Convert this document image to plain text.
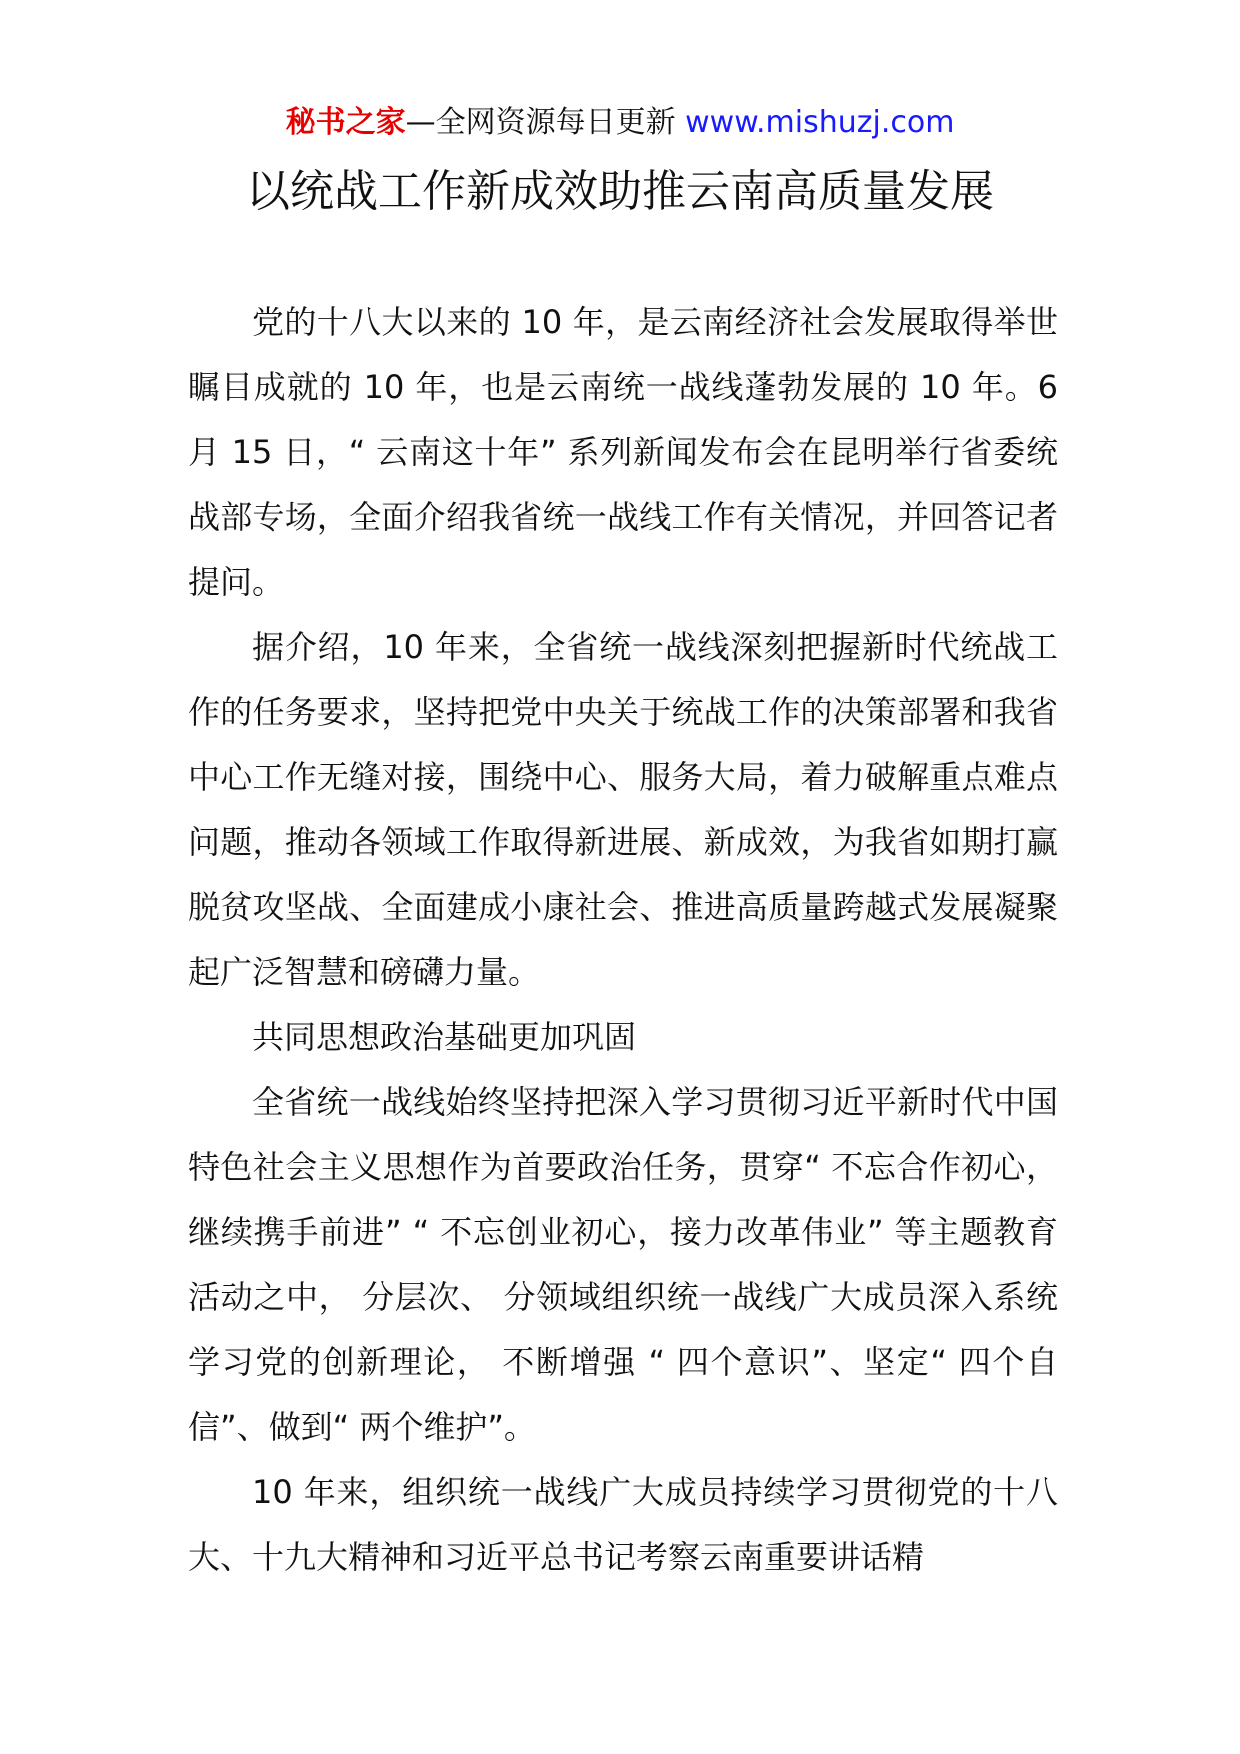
秘书之家—全网资源每日更新 www.mishuzj.com
以统战工作新成效助推云南高质量发展

党的十八大以来的 10 年，是云南经济社会发展取得举世瞩目成就的 10 年，也是云南统一战线蓬勃发展的 10 年。6 月 15 日，“ 云南这十年” 系列新闻发布会在昆明举行省委统战部专场，全面介绍我省统一战线工作有关情况，并回答记者提问。

据介绍，10 年来，全省统一战线深刻把握新时代统战工作的任务要求，坚持把党中央关于统战工作的决策部署和我省中心工作无缝对接，围绕中心、服务大局，着力破解重点难点问题，推动各领域工作取得新进展、新成效，为我省如期打赢脱贫攻坚战、全面建成小康社会、推进高质量跨越式发展凝聚起广泛智慧和磅礴力量。

共同思想政治基础更加巩固

全省统一战线始终坚持把深入学习贯彻习近平新时代中国特色社会主义思想作为首要政治任务，贯穿“ 不忘合作初心，继续携手前进” “ 不忘创业初心，接力改革伟业” 等主题教育活动之中， 分层次、 分领域组织统一战线广大成员深入系统学习党的创新理论， 不断增强 “ 四个意识”、坚定“ 四个自信”、做到“ 两个维护”。

10 年来，组织统一战线广大成员持续学习贯彻党的十八大、十九大精神和习近平总书记考察云南重要讲话精
